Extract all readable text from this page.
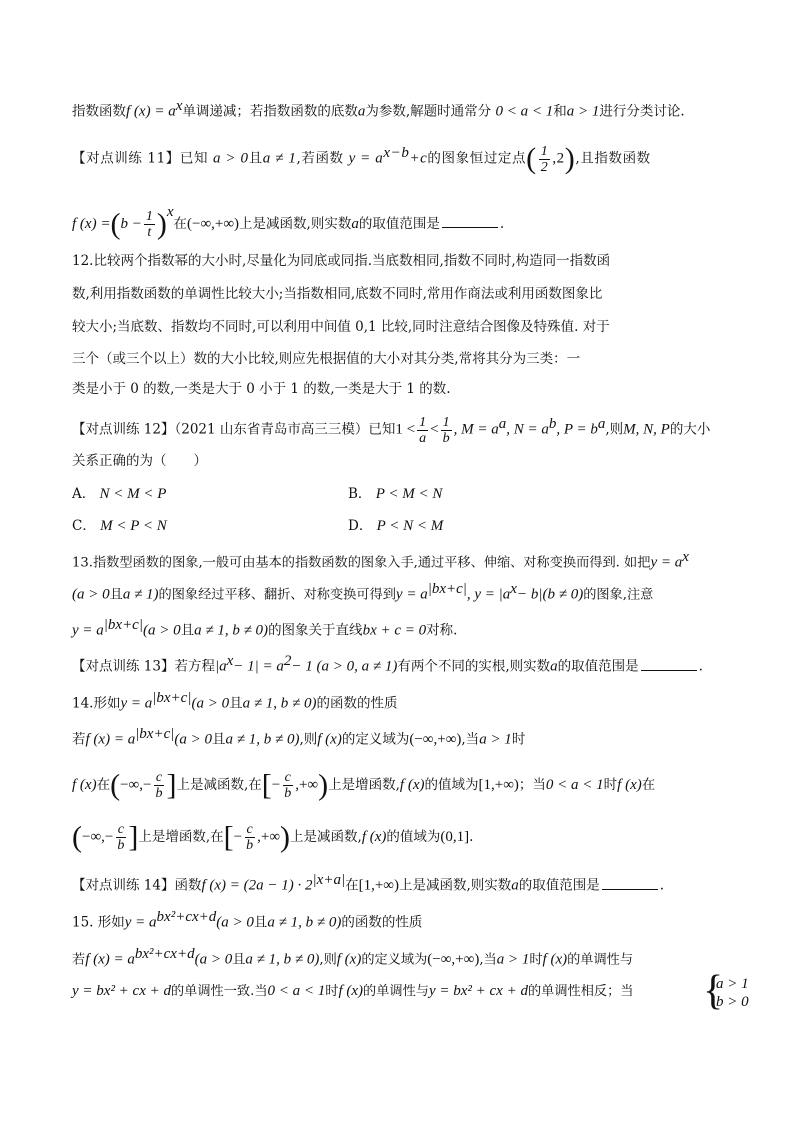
指数函数f $(x) = a^x$单调递减；若指数函数的底数a为参数,解题时通常分 0 < a < 1和a > 1进行分类讨论.
【对点训练 11】已知 a > 0且a ≠ 1,若函数 $y = a^{x-b}+c$的图象恒过定点( $\frac{1}{2} ,2$),且指数函数
f $(x) =(b - \frac{1}{t} )^x$在(−∞,+∞)上是减函数,则实数a的取值范围是	.
12.比较两个指数幂的大小时,尽量化为同底或同指.当底数相同,指数不同时,构造同一指数函
数,利用指数函数的单调性比较大小;当指数相同,底数不同时,常用作商法或利用函数图象比
较大小;当底数、指数均不同时,可以利用中间值 0,1 比较,同时注意结合图像及特殊值. 对于
三个（或三个以上）数的大小比较,则应先根据值的大小对其分类,常将其分为三类：一
类是小于 0 的数,一类是大于 0 小于 1 的数,一类是大于 1 的数.
【对点训练 12】（2021 山东省青岛市高三三模）已知$1 < \frac{1}{a} < \frac{1}{b}$ , $M = a^a$, $N = a^b$, $P = b^a$,则M, N, P的大小
关系正确的为（　　）
A． N < M < P	B． P < M < N
C． M < P < N	D． P < N < M
13.指数型函数的图象,一般可由基本的指数函数的图象入手,通过平移、伸缩、对称变换而得到. 如把$y = a^x$
(a > 0且a ≠ 1)的图象经过平移、翻折、对称变换可得到$y = a^{|bx+c|}$, $y = |a^x- b|(b \ne 0)$的图象,注意
$y = a^{|bx+c|}(a > 0$且a ≠ 1, b ≠ 0)的图象关于直线bx + c = 0对称.
【对点训练 13】若方程$|a^x- 1| = a^2- 1$ (a > 0, a ≠ 1)有两个不同的实根,则实数a的取值范围是	.
14.形如$y = a^{|bx+c|}(a > 0$且a ≠ 1, b ≠ 0)的函数的性质
若f $(x) = a^{|bx+c|}(a > 0$且a ≠ 1, b ≠ 0),则f (x)的定义域为(−∞,+∞),当a > 1时
f (x)在(−∞,− $\frac{c}{b}$ ]上是减函数,在[− $\frac{c}{b}$ ,+∞)上是增函数,f (x)的值域为[1,+∞)；当0 < a < 1时f (x)在
(−∞,− $\frac{c}{b}$ ]上是增函数,在[− $\frac{c}{b}$ ,+∞)上是减函数,f (x)的值域为(0,1].
【对点训练 14】函数f $(x) = (2a - 1) \cdot 2^{|x+a|}$在[1,+∞)上是减函数,则实数a的取值范围是	.
15. 形如$y = a^{bx^2+cx+d}(a > 0$且a ≠ 1, b ≠ 0)的函数的性质
若f $(x) = a^{bx^2+cx+d}(a > 0$且a ≠ 1, b ≠ 0),则f (x)的定义域为(−∞,+∞),当a > 1时f (x)的单调性与
y = bx² + cx + d的单调性一致.当0 < a < 1时f (x)的单调性与y = bx² + cx + d的单调性相反；当 {
a > 1
b > 0
